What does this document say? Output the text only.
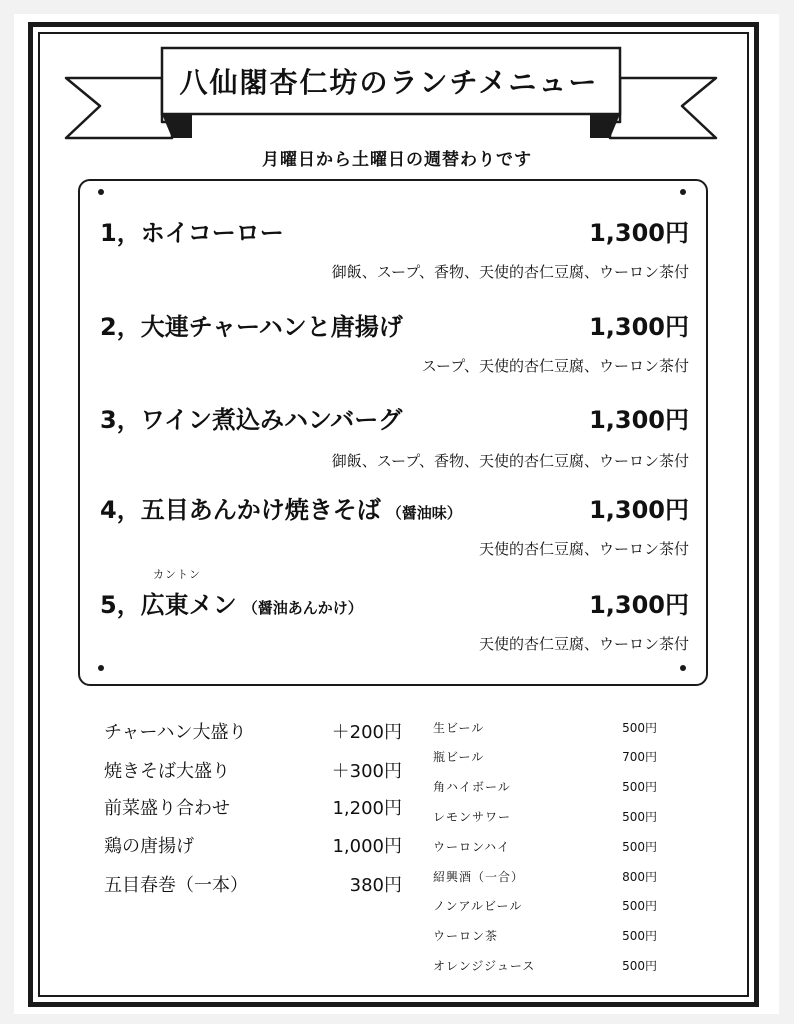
八仙閣杏仁坊のランチメニュー
月曜日から土曜日の週替わりです
1，ホイコーロー	1,300円
御飯、スープ、香物、天使的杏仁豆腐、ウーロン茶付
2，大連チャーハンと唐揚げ	1,300円
スープ、天使的杏仁豆腐、ウーロン茶付
3，ワイン煮込みハンバーグ	1,300円
御飯、スープ、香物、天使的杏仁豆腐、ウーロン茶付
4，五目あんかけ焼きそば （醤油味）	1,300円
天使的杏仁豆腐、ウーロン茶付
カントン
5，広東メン （醤油あんかけ）	1,300円
天使的杏仁豆腐、ウーロン茶付
チャーハン大盛り	＋200円
焼きそば大盛り	＋300円
前菜盛り合わせ	1,200円
鶏の唐揚げ	1,000円
五目春巻（一本）	380円
生ビール	500円
瓶ビール	700円
角ハイボール	500円
レモンサワー	500円
ウーロンハイ	500円
紹興酒（一合）	800円
ノンアルビール	500円
ウーロン茶	500円
オレンジジュース	500円
